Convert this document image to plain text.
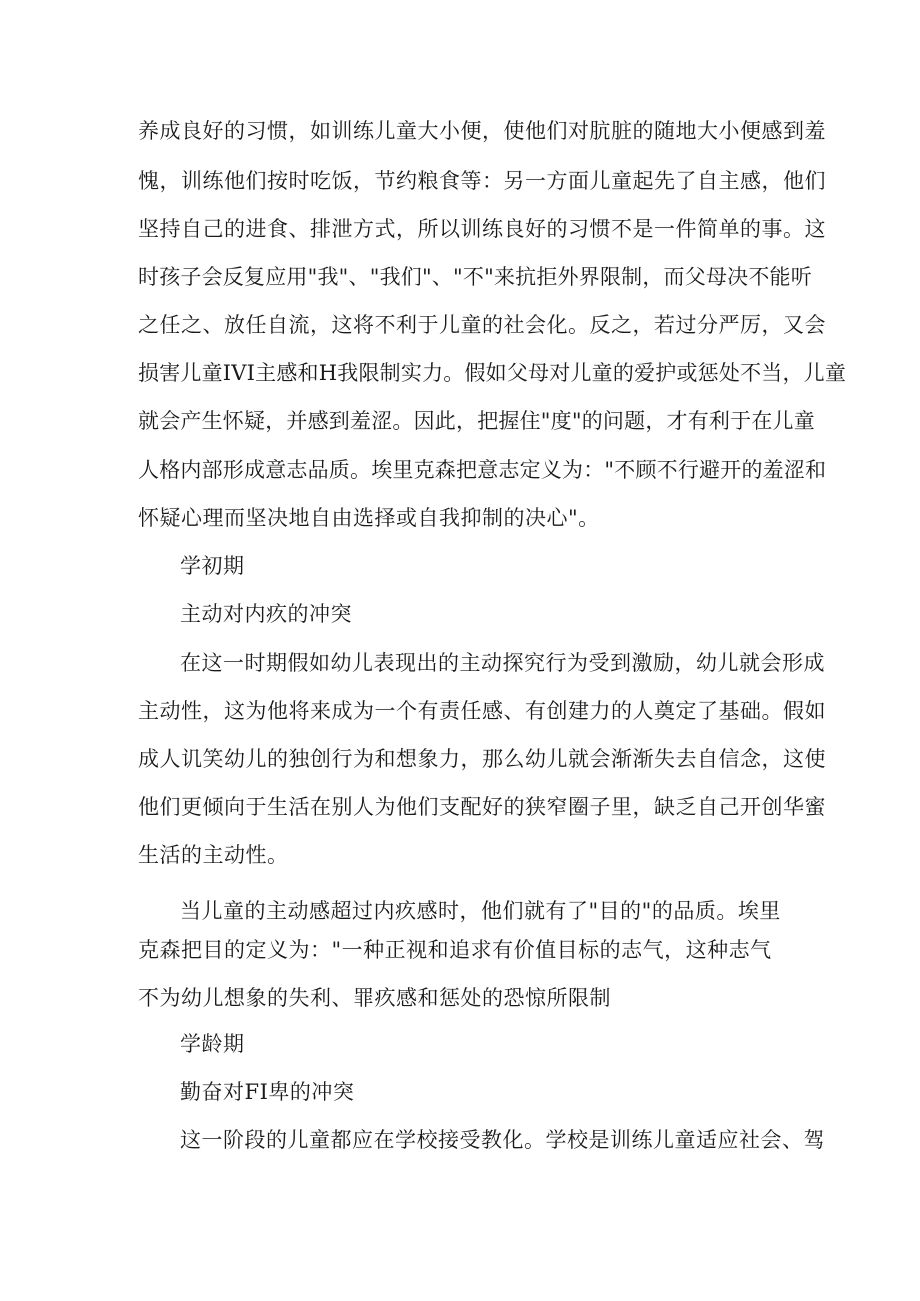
养成良好的习惯，如训练儿童大小便，使他们对肮脏的随地大小便感到羞
愧，训练他们按时吃饭，节约粮食等：另一方面儿童起先了自主感，他们
坚持自己的进食、排泄方式，所以训练良好的习惯不是一件简单的事。这
时孩子会反复应用"我"、"我们"、"不"来抗拒外界限制，而父母决不能听
之任之、放任自流，这将不利于儿童的社会化。反之，若过分严厉，又会
损害儿童IVI主感和H我限制实力。假如父母对儿童的爱护或惩处不当，儿童
就会产生怀疑，并感到羞涩。因此，把握住"度"的问题，才有利于在儿童
人格内部形成意志品质。埃里克森把意志定义为："不顾不行避开的羞涩和
怀疑心理而坚决地自由选择或自我抑制的决心"。
学初期
主动对内疚的冲突
在这一时期假如幼儿表现出的主动探究行为受到激励，幼儿就会形成
主动性，这为他将来成为一个有责任感、有创建力的人奠定了基础。假如
成人讥笑幼儿的独创行为和想象力，那么幼儿就会渐渐失去自信念，这使
他们更倾向于生活在别人为他们支配好的狭窄圈子里，缺乏自己开创华蜜
生活的主动性。
当儿童的主动感超过内疚感时，他们就有了"目的"的品质。埃里
克森把目的定义为："一种正视和追求有价值目标的志气，这种志气
不为幼儿想象的失利、罪疚感和惩处的恐惊所限制
学龄期
勤奋对FI卑的冲突
这一阶段的儿童都应在学校接受教化。学校是训练儿童适应社会、驾
